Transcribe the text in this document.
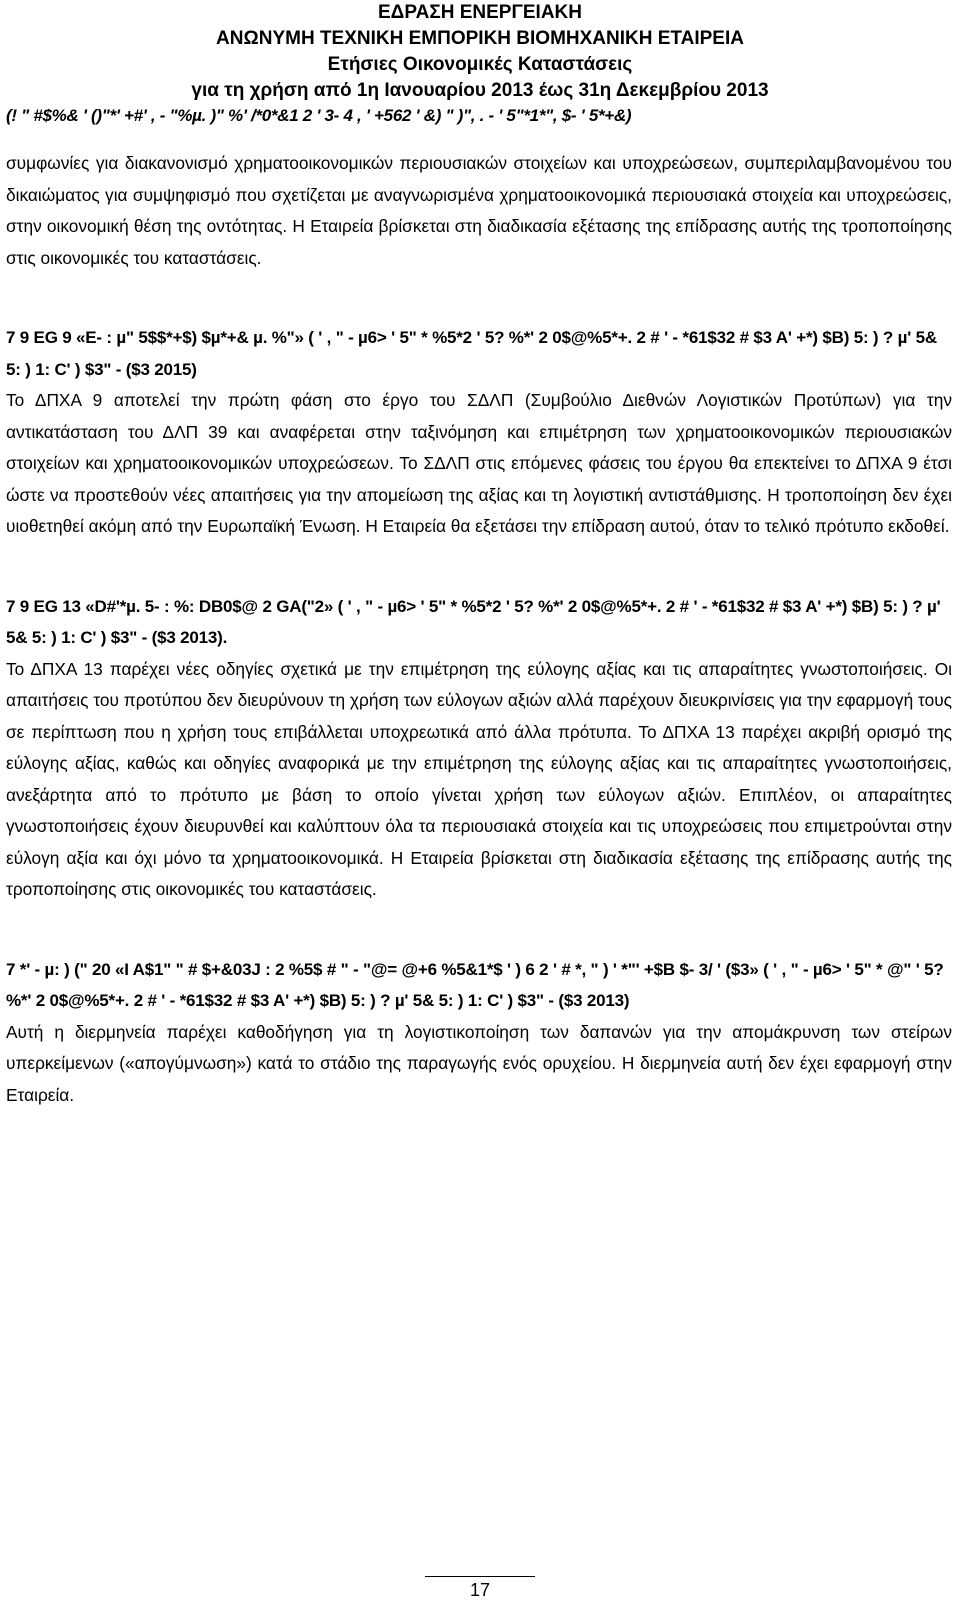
ΕΔΡΑΣΗ ΕΝΕΡΓΕΙΑΚΗ
ΑΝΩΝΥΜΗ ΤΕΧΝΙΚΗ ΕΜΠΟΡΙΚΗ ΒΙΟΜΗΧΑΝΙΚΗ ΕΤΑΙΡΕΙΑ
Ετήσιες Οικονομικές Καταστάσεις
για τη χρήση από 1η Ιανουαρίου 2013 έως 31η Δεκεμβρίου 2013
(! " #$%& ' ()"*' +#' , - "%µ. )" %' /*0*&1 2 ' 3- 4 , ' +562 ' &) " )", . - ' 5"*1*", $- ' 5*+&)

συμφωνίες για διακανονισμό χρηματοοικονομικών περιουσιακών στοιχείων και υποχρεώσεων, συμπεριλαμβανομένου του δικαιώματος για συμψηφισμό που σχετίζεται με αναγνωρισμένα χρηματοοικονομικά περιουσιακά στοιχεία και υποχρεώσεις, στην οικονομική θέση της οντότητας. Η Εταιρεία βρίσκεται στη διαδικασία εξέτασης της επίδρασης αυτής της τροποποίησης στις οικονομικές του καταστάσεις.

7 9 EG 9 «E- : µ" 5$$*+$) $µ*+& µ. %"» ( ' , " - µ6> ' 5" * %5*2 ' 5? %*' 2 0$@%5*+. 2 # ' - *61$32 # $3 A' +*) $B) 5: ) ? µ' 5& 5: ) 1: C' ) $3" - ($3 2015)

Το ΔΠΧΑ 9 αποτελεί την πρώτη φάση στο έργο του ΣΔΛΠ (Συμβούλιο Διεθνών Λογιστικών Προτύπων) για την αντικατάσταση του ΔΛΠ 39 και αναφέρεται στην ταξινόμηση και επιμέτρηση των χρηματοοικονομικών περιουσιακών στοιχείων και χρηματοοικονομικών υποχρεώσεων. Το ΣΔΛΠ στις επόμενες φάσεις του έργου θα επεκτείνει το ΔΠΧΑ 9 έτσι ώστε να προστεθούν νέες απαιτήσεις για την απομείωση της αξίας και τη λογιστική αντιστάθμισης. Η τροποποίηση δεν έχει υιοθετηθεί ακόμη από την Ευρωπαϊκή Ένωση. Η Εταιρεία θα εξετάσει την επίδραση αυτού, όταν το τελικό πρότυπο εκδοθεί.

7 9 EG 13 «D#'*µ. 5- : %: DB0$@ 2 GA("2» ( ' , " - µ6> ' 5" * %5*2 ' 5? %*' 2 0$@%5*+. 2 # ' - *61$32 # $3 A' +*) $B) 5: ) ? µ' 5& 5: ) 1: C' ) $3" - ($3 2013).

Το ΔΠΧΑ 13 παρέχει νέες οδηγίες σχετικά με την επιμέτρηση της εύλογης αξίας και τις απαραίτητες γνωστοποιήσεις. Οι απαιτήσεις του προτύπου δεν διευρύνουν τη χρήση των εύλογων αξιών αλλά παρέχουν διευκρινίσεις για την εφαρμογή τους σε περίπτωση που η χρήση τους επιβάλλεται υποχρεωτικά από άλλα πρότυπα. Το ΔΠΧΑ 13 παρέχει ακριβή ορισμό της εύλογης αξίας, καθώς και οδηγίες αναφορικά με την επιμέτρηση της εύλογης αξίας και τις απαραίτητες γνωστοποιήσεις, ανεξάρτητα από το πρότυπο με βάση το οποίο γίνεται χρήση των εύλογων αξιών. Επιπλέον, οι απαραίτητες γνωστοποιήσεις έχουν διευρυνθεί και καλύπτουν όλα τα περιουσιακά στοιχεία και τις υποχρεώσεις που επιμετρούνται στην εύλογη αξία και όχι μόνο τα χρηματοοικονομικά. Η Εταιρεία βρίσκεται στη διαδικασία εξέτασης της επίδρασης αυτής της τροποποίησης στις οικονομικές του καταστάσεις.

7 *' - µ: ) (" 20 «I A$1" " # $+&03J : 2 %5$ # " - "@= @+6 %5&1*$ ' ) 6 2 ' # *, " ) ' *"' +$B $- 3/ ' ($3» ( ' , " - µ6> ' 5" * @" ' 5? %*' 2 0$@%5*+. 2 # ' - *61$32 # $3 A' +*) $B) 5: ) ? µ' 5& 5: ) 1: C' ) $3" - ($3 2013)

Αυτή η διερμηνεία παρέχει καθοδήγηση για τη λογιστικοποίηση των δαπανών για την απομάκρυνση των στείρων υπερκείμενων («απογύμνωση») κατά το στάδιο της παραγωγής ενός ορυχείου. Η διερμηνεία αυτή δεν έχει εφαρμογή στην Εταιρεία.

17
